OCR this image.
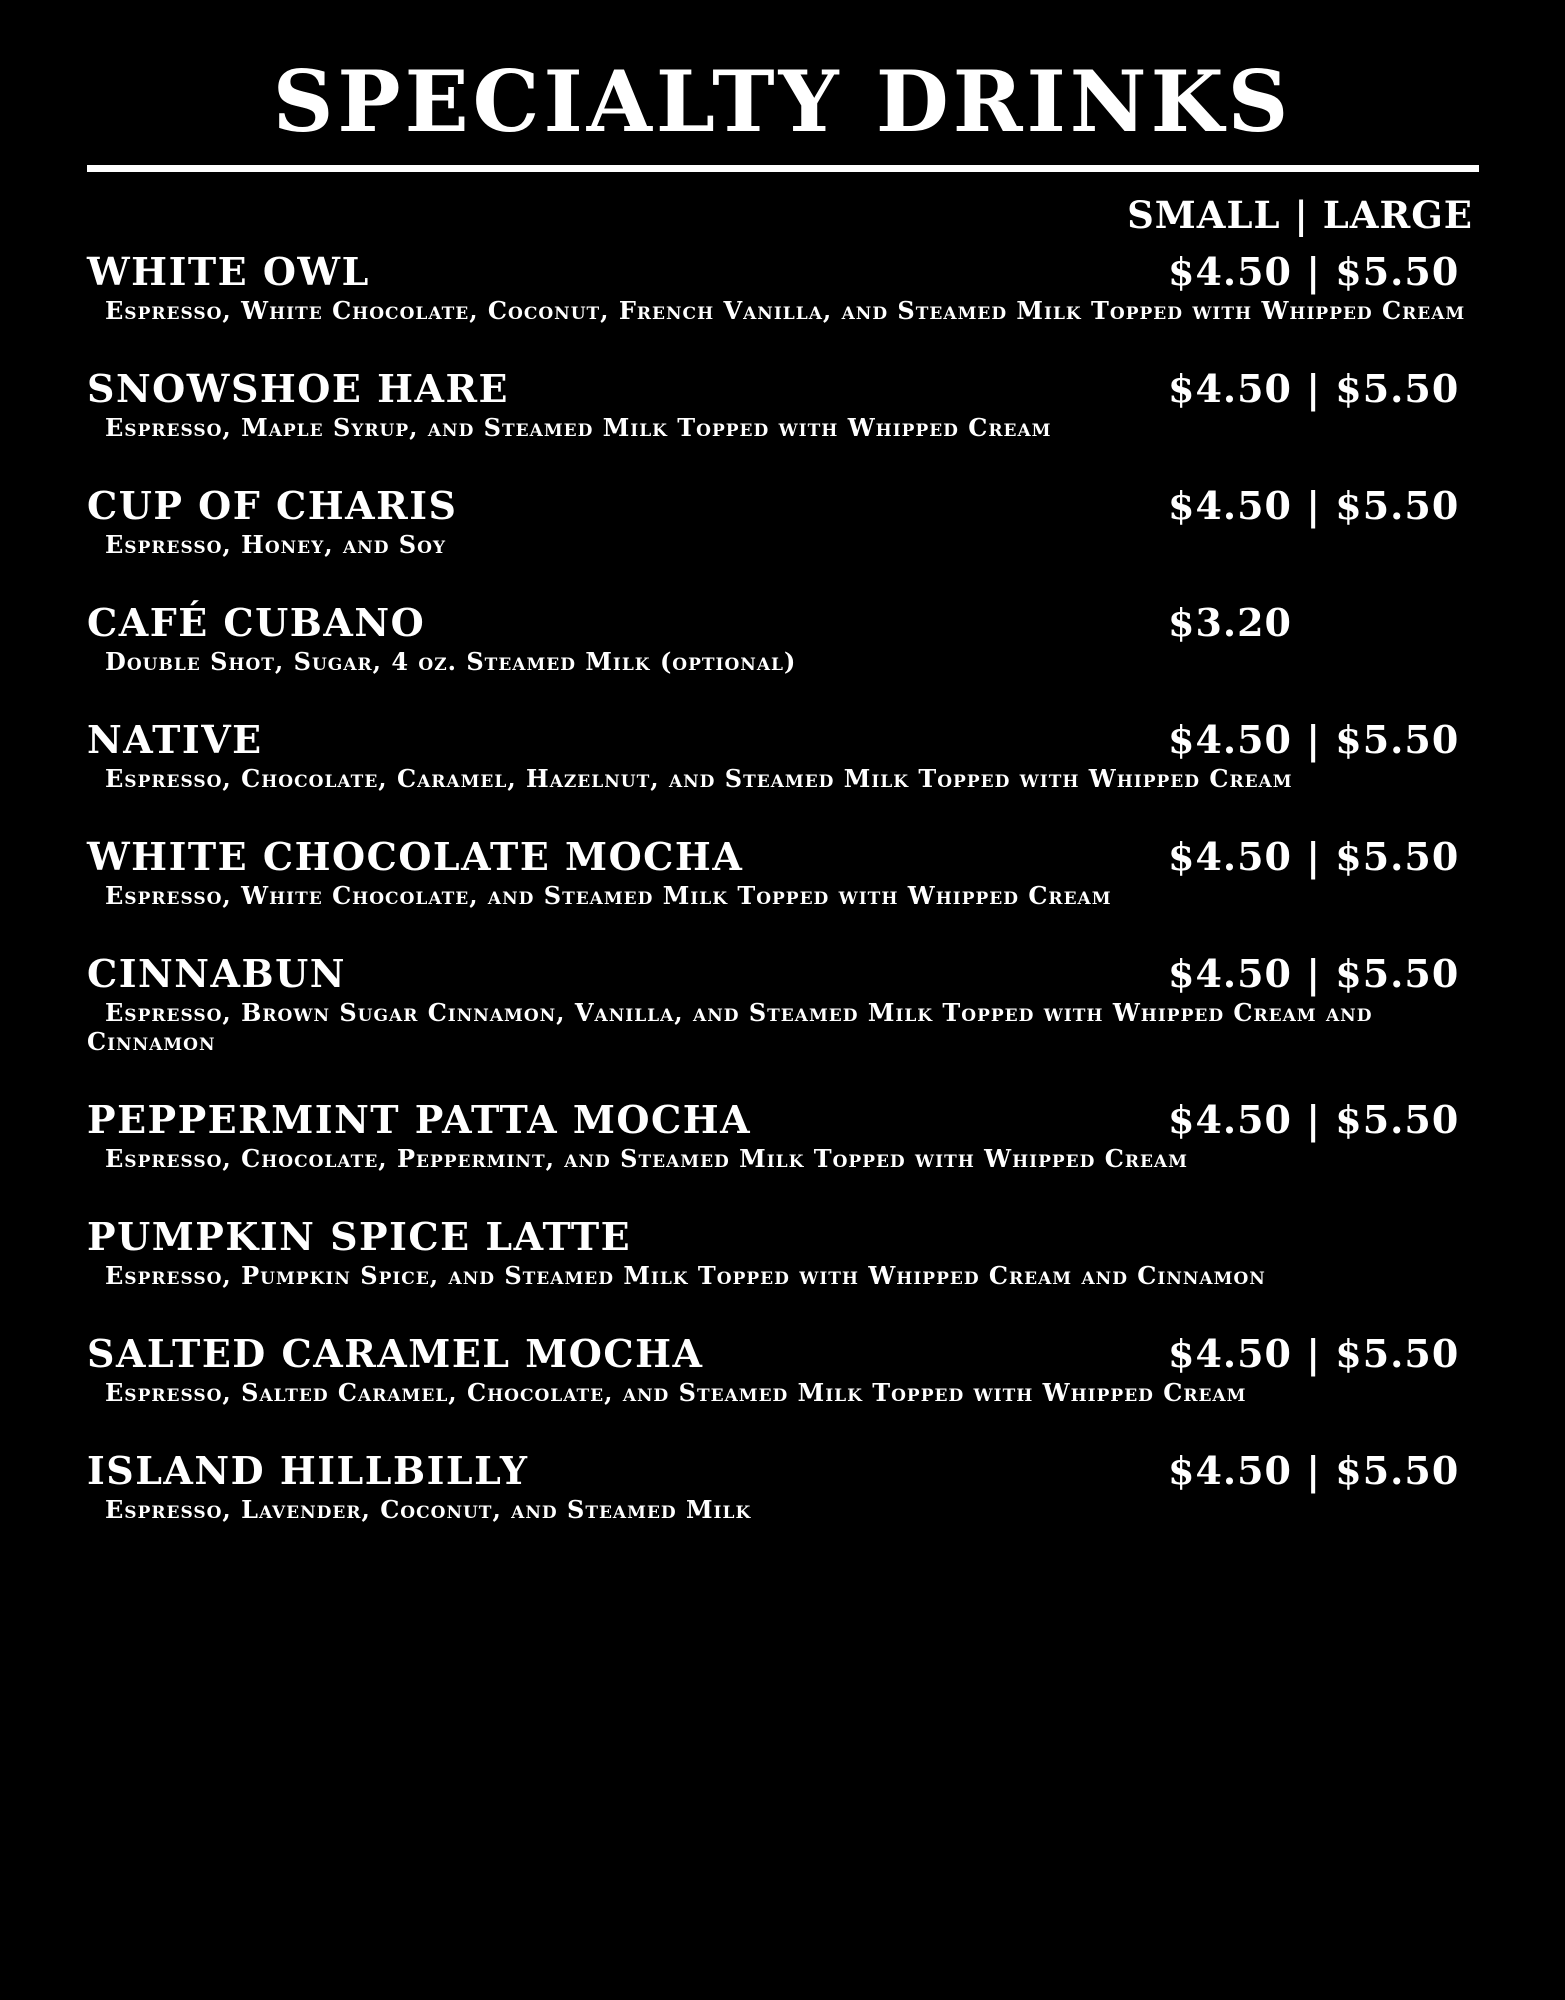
SPECIALTY DRINKS
SMALL | LARGE
WHITE OWL	$4.50 | $5.50
Espresso, White Chocolate, Coconut, French Vanilla, and Steamed Milk Topped with Whipped Cream
SNOWSHOE HARE	$4.50 | $5.50
Espresso, Maple Syrup, and Steamed Milk Topped with Whipped Cream
CUP OF CHARIS	$4.50 | $5.50
Espresso, Honey, and Soy
CAFÉ CUBANO	$3.20
Double Shot, Sugar, 4 oz. Steamed Milk (optional)
NATIVE	$4.50 | $5.50
Espresso, Chocolate, Caramel, Hazelnut, and Steamed Milk Topped with Whipped Cream
WHITE CHOCOLATE MOCHA	$4.50 | $5.50
Espresso, White Chocolate, and Steamed Milk Topped with Whipped Cream
CINNABUN	$4.50 | $5.50
Espresso, Brown Sugar Cinnamon, Vanilla, and Steamed Milk Topped with Whipped Cream and Cinnamon
PEPPERMINT PATTA MOCHA	$4.50 | $5.50
Espresso, Chocolate, Peppermint, and Steamed Milk Topped with Whipped Cream
PUMPKIN SPICE LATTE
Espresso, Pumpkin Spice, and Steamed Milk Topped with Whipped Cream and Cinnamon
SALTED CARAMEL MOCHA	$4.50 | $5.50
Espresso, Salted Caramel, Chocolate, and Steamed Milk Topped with Whipped Cream
ISLAND HILLBILLY	$4.50 | $5.50
Espresso, Lavender, Coconut, and Steamed Milk
